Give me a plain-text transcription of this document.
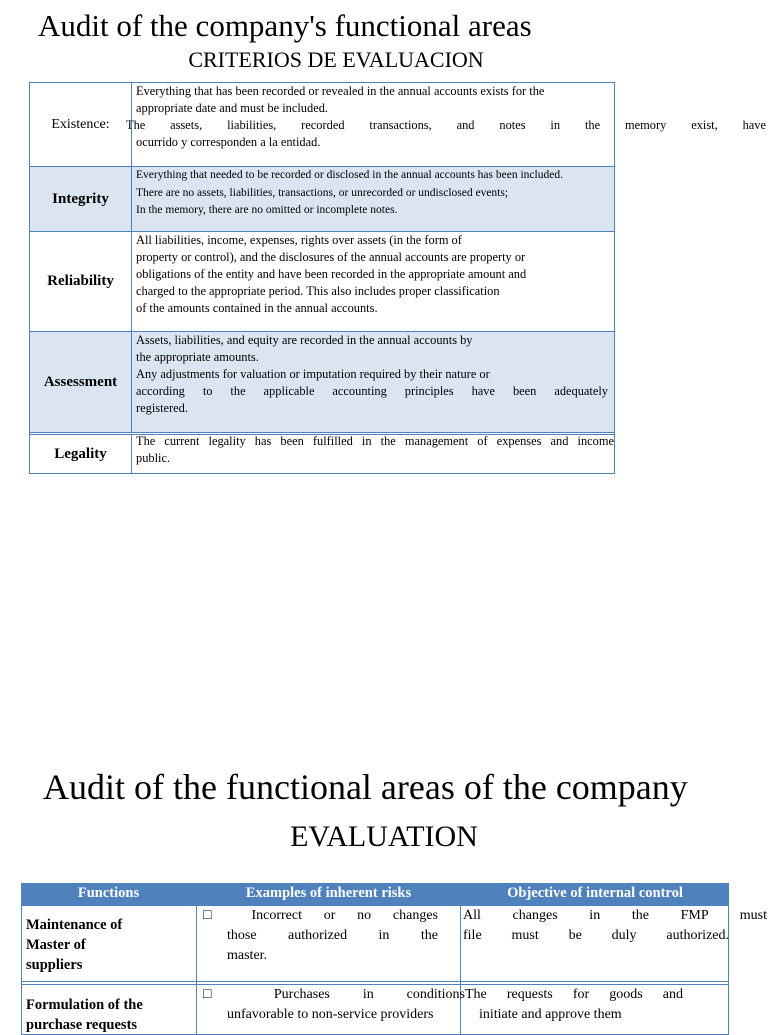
Audit of the company's functional areas
CRITERIOS DE EVALUACION
Existence:
Everything that has been recorded or revealed in the annual accounts exists for the
appropriate date and must be included.
The assets, liabilities, recorded transactions, and notes in the memory exist, have
ocurrido y corresponden a la entidad.
Integrity
Everything that needed to be recorded or disclosed in the annual accounts has been included.
There are no assets, liabilities, transactions, or unrecorded or undisclosed events;
In the memory, there are no omitted or incomplete notes.
Reliability
All liabilities, income, expenses, rights over assets (in the form of
property or control), and the disclosures of the annual accounts are property or
obligations of the entity and have been recorded in the appropriate amount and
charged to the appropriate period. This also includes proper classification
of the amounts contained in the annual accounts.
Assessment
Assets, liabilities, and equity are recorded in the annual accounts by
the appropriate amounts.
Any adjustments for valuation or imputation required by their nature or
according to the applicable accounting principles have been adequately
registered.
Legality
The current legality has been fulfilled in the management of expenses and income
public.
Audit of the functional areas of the company
EVALUATION
Functions	Examples of inherent risks	Objective of internal control
Maintenance of
Master of
suppliers
□ Incorrect or no changes
those authorized in the
master.
All changes in the FMP must
file must be duly authorized.
Formulation of the
purchase requests
□ Purchases in conditions
unfavorable to non-service providers
The requests for goods and
initiate and approve them
